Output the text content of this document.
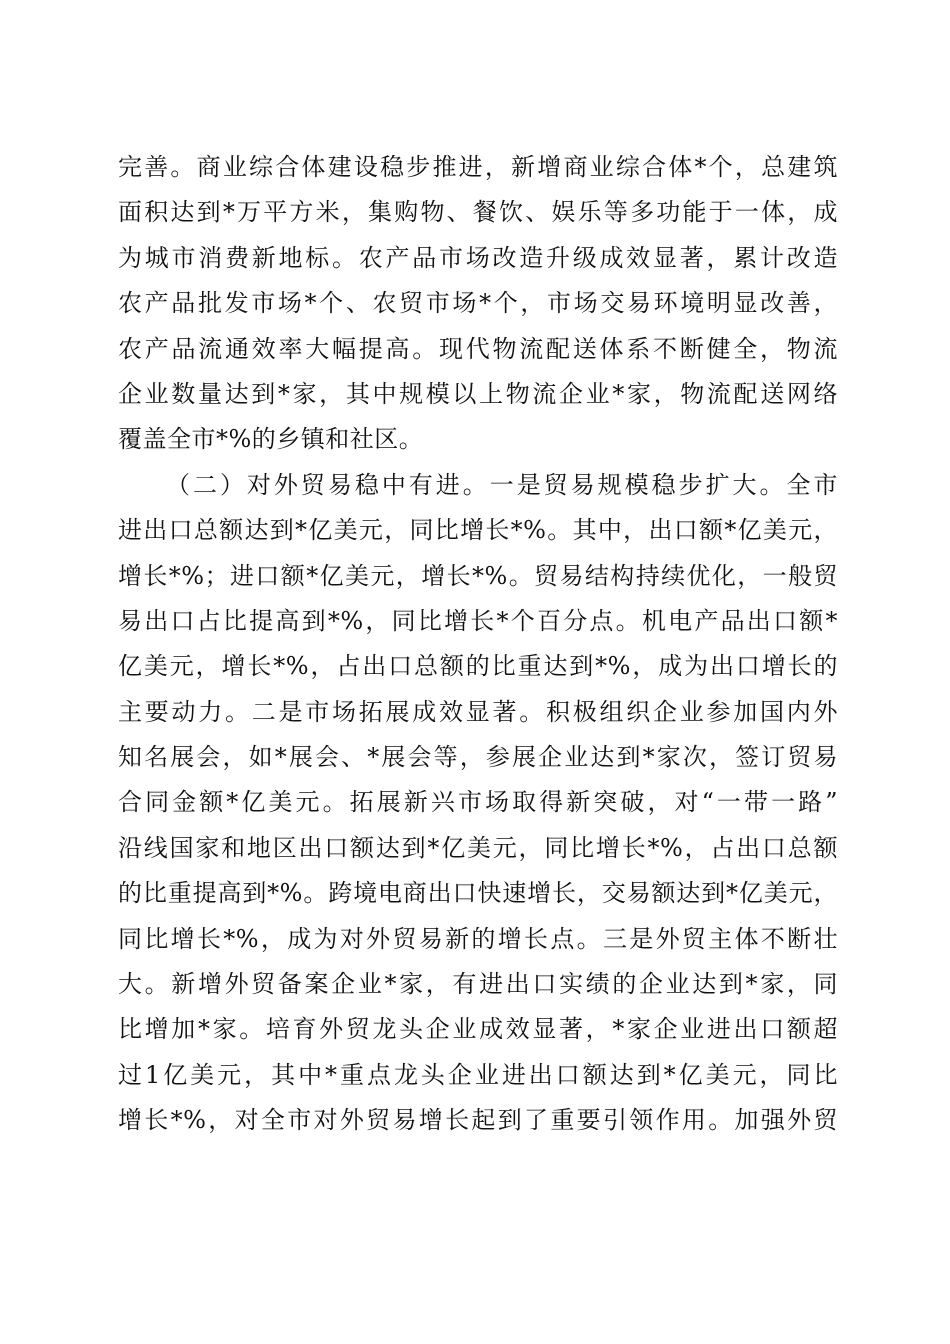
完善。商业综合体建设稳步推进，新增商业综合体*个，总建筑
面积达到*万平方米，集购物、餐饮、娱乐等多功能于一体，成
为城市消费新地标。农产品市场改造升级成效显著，累计改造
农产品批发市场*个、农贸市场*个，市场交易环境明显改善，
农产品流通效率大幅提高。现代物流配送体系不断健全，物流
企业数量达到*家，其中规模以上物流企业*家，物流配送网络
覆盖全市*%的乡镇和社区。
（二）对外贸易稳中有进。一是贸易规模稳步扩大。全市
进出口总额达到*亿美元，同比增长*%。其中，出口额*亿美元，
增长*%；进口额*亿美元，增长*%。贸易结构持续优化，一般贸
易出口占比提高到*%，同比增长*个百分点。机电产品出口额*
亿美元，增长*%，占出口总额的比重达到*%，成为出口增长的
主要动力。二是市场拓展成效显著。积极组织企业参加国内外
知名展会，如*展会、*展会等，参展企业达到*家次，签订贸易
合同金额*亿美元。拓展新兴市场取得新突破，对“一带一路”
沿线国家和地区出口额达到*亿美元，同比增长*%，占出口总额
的比重提高到*%。跨境电商出口快速增长，交易额达到*亿美元，
同比增长*%，成为对外贸易新的增长点。三是外贸主体不断壮
大。新增外贸备案企业*家，有进出口实绩的企业达到*家，同
比增加*家。培育外贸龙头企业成效显著，*家企业进出口额超
过1亿美元，其中*重点龙头企业进出口额达到*亿美元，同比
增长*%，对全市对外贸易增长起到了重要引领作用。加强外贸
